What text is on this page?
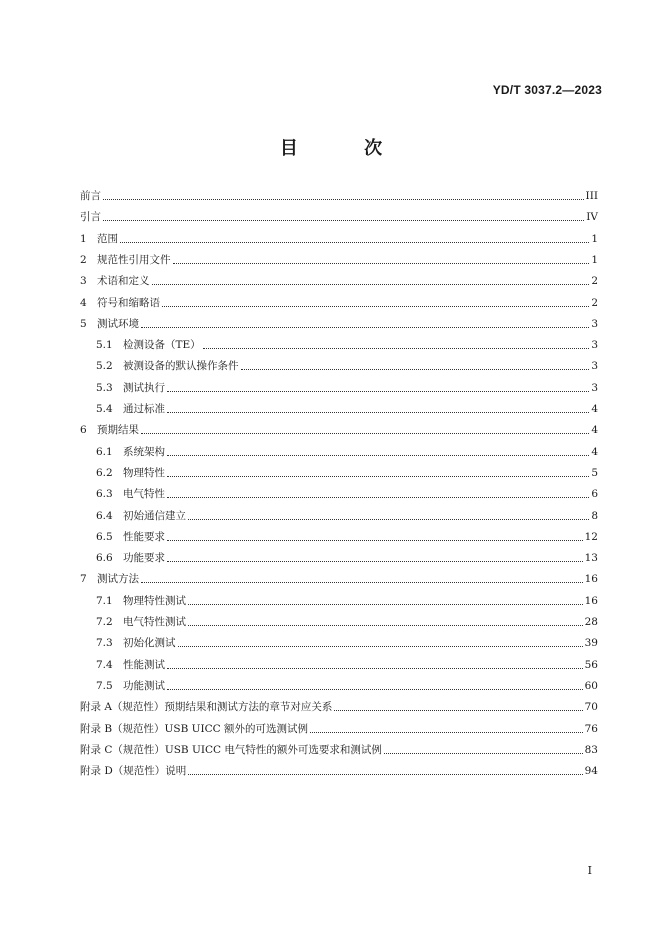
YD/T 3037.2—2023
目 次
前言	III
引言	IV
1 范围	1
2 规范性引用文件	1
3 术语和定义	2
4 符号和缩略语	2
5 测试环境	3
5.1 检测设备（TE）	3
5.2 被测设备的默认操作条件	3
5.3 测试执行	3
5.4 通过标准	4
6 预期结果	4
6.1 系统架构	4
6.2 物理特性	5
6.3 电气特性	6
6.4 初始通信建立	8
6.5 性能要求	12
6.6 功能要求	13
7 测试方法	16
7.1 物理特性测试	16
7.2 电气特性测试	28
7.3 初始化测试	39
7.4 性能测试	56
7.5 功能测试	60
附录 A（规范性）预期结果和测试方法的章节对应关系	70
附录 B（规范性）USB UICC 额外的可选测试例	76
附录 C（规范性）USB UICC 电气特性的额外可选要求和测试例	83
附录 D（规范性）说明	94
I
